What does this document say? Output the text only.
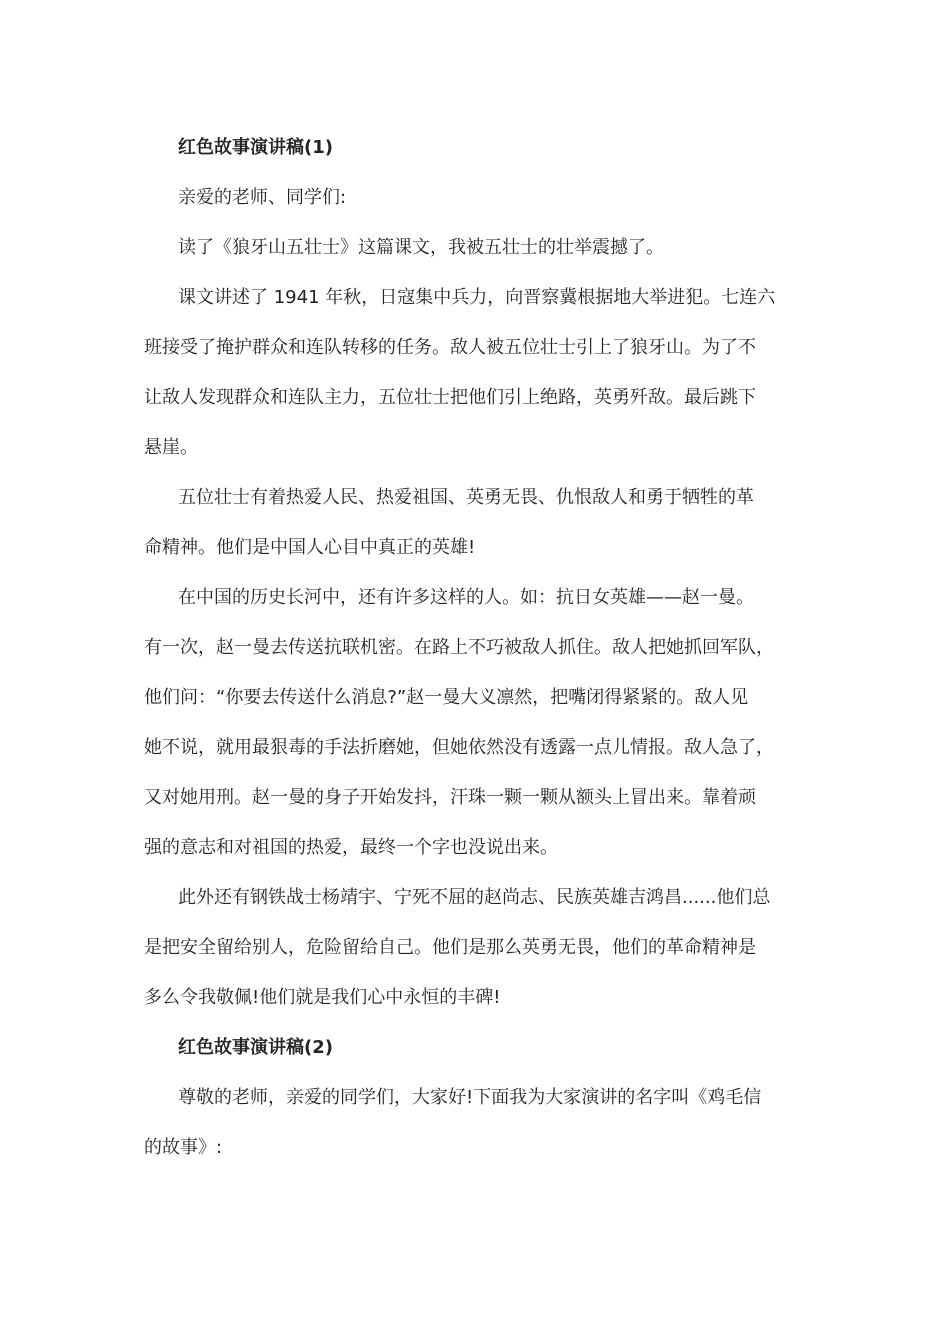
红色故事演讲稿(1)

亲爱的老师、同学们:

读了《狼牙山五壮士》这篇课文，我被五壮士的壮举震撼了。

课文讲述了 1941 年秋，日寇集中兵力，向晋察冀根据地大举进犯。七连六
班接受了掩护群众和连队转移的任务。敌人被五位壮士引上了狼牙山。为了不
让敌人发现群众和连队主力，五位壮士把他们引上绝路，英勇歼敌。最后跳下
悬崖。

五位壮士有着热爱人民、热爱祖国、英勇无畏、仇恨敌人和勇于牺牲的革
命精神。他们是中国人心目中真正的英雄!

在中国的历史长河中，还有许多这样的人。如：抗日女英雄——赵一曼。
有一次，赵一曼去传送抗联机密。在路上不巧被敌人抓住。敌人把她抓回军队，
他们问：“你要去传送什么消息?”赵一曼大义凛然，把嘴闭得紧紧的。敌人见
她不说，就用最狠毒的手法折磨她，但她依然没有透露一点儿情报。敌人急了，
又对她用刑。赵一曼的身子开始发抖，汗珠一颗一颗从额头上冒出来。靠着顽
强的意志和对祖国的热爱，最终一个字也没说出来。

此外还有钢铁战士杨靖宇、宁死不屈的赵尚志、民族英雄吉鸿昌......他们总
是把安全留给别人，危险留给自己。他们是那么英勇无畏，他们的革命精神是
多么令我敬佩!他们就是我们心中永恒的丰碑!

红色故事演讲稿(2)

尊敬的老师，亲爱的同学们，大家好!下面我为大家演讲的名字叫《鸡毛信
的故事》:
